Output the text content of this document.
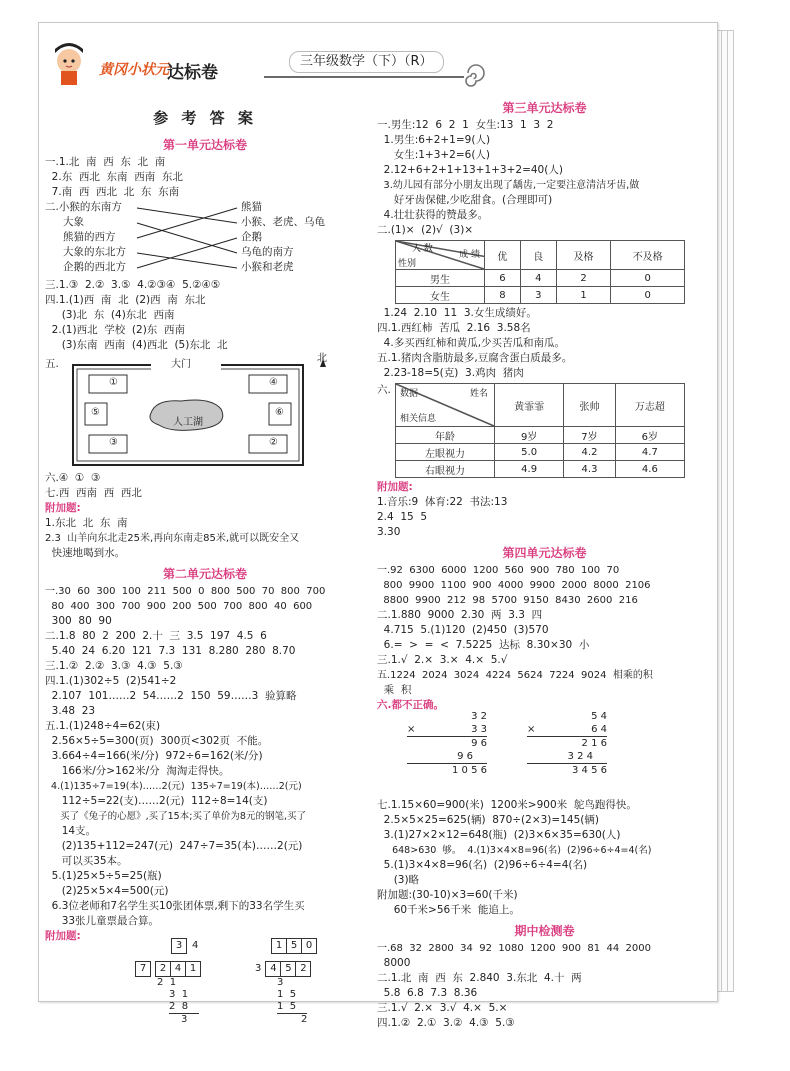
黄冈小状元
达标卷
三年级数学（下）（R）
参 考 答 案
第一单元达标卷
一.1.北  南  西  东  北  南
2.东  西北  东南  西南  东北
7.南  西  西北  北  东  东南
二.小猴的东南方
大象
熊猫的西方
大象的东北方
企鹅的西北方
熊猫
小猴、老虎、乌龟
企鹅
乌龟的南方
小猴和老虎
三.1.③  2.②  3.⑤  4.②③④  5.②④⑤
四.1.(1)西  南  北  (2)西  南  东北
(3)北  东  (4)东北  西南
2.(1)西北  学校  (2)东  西南
(3)东南  西南  (4)西北  (5)东北  北
五.	大门
北
人工湖
①	④
⑤	⑥
③	②
六.④  ①  ③
七.西  西南  西  西北
附加题:
1.东北  北  东  南
2.3  山羊向东北走25米,再向东南走85米,就可以既安全又
快速地喝到水。
第二单元达标卷
一.30  60  300  100  211  500  0  800  500  70  800  700
80  400  300  700  900  200  500  700  800  40  600
300  80  90
二.1.8  80  2  200  2.十  三  3.5  197  4.5  6
5.40  24  6.20  121  7.3  131  8.280  280  8.70
三.1.②  2.②  3.③  4.③  5.③
四.1.(1)302÷5  (2)541÷2
2.107  101……2  54……2  150  59……3  验算略
3.48  23
五.1.(1)248÷4=62(束)
2.56×5÷5=300(页)  300页<302页  不能。
3.664÷4=166(米/分)  972÷6=162(米/分)
166米/分>162米/分  淘淘走得快。
4.(1)135÷7=19(本)……2(元)  135÷7=19(本)……2(元)
112÷5=22(支)……2(元)  112÷8=14(支)
买了《兔子的心愿》,买了15本;买了单价为8元的钢笔,买了
14支。
(2)135+112=247(元)  247÷7=35(本)……2(元)
可以买35本。
5.(1)25×5÷5=25(瓶)
(2)25×5×4=500(元)
6.3位老师和7名学生买10张团体票,剩下的33名学生买
33张儿童票最合算。
附加题:
3 4
7 2 4 1
2  1
3  1
2  8
3
1 5 0
3 4 5 2
3
1  5
1  5
2
第三单元达标卷
一.男生:12  6  2  1  女生:13  1  3  2
1.男生:6+2+1=9(人)
女生:1+3+2=6(人)
2.12+6+2+1+13+1+3+2=40(人)
3.幼儿园有部分小朋友出现了龋齿,一定要注意清洁牙齿,做
好牙齿保健,少吃甜食。(合理即可)
4.壮壮获得的赞最多。
二.(1)×  (2)√  (3)×
人 数
成 绩
性别	优	良	及格	不及格
男生	6	4	2	0
女生	8	3	1	0
1.24  2.10  11  3.女生成绩好。
四.1.西红柿  苦瓜  2.16  3.58名
4.多买西红柿和黄瓜,少买苦瓜和南瓜。
五.1.猪肉含脂肪最多,豆腐含蛋白质最多。
2.23-18=5(克)  3.鸡肉  猪肉
六. 数据 姓名
相关信息	黄霏霏	张帅	万志超
年龄	9岁	7岁	6岁
左眼视力	5.0	4.2	4.7
右眼视力	4.9	4.3	4.6
附加题:
1.音乐:9  体育:22  书法:13
2.4  15  5
3.30
第四单元达标卷
一.92  6300  6000  1200  560  900  780  100  70
800  9900  1100  900  4000  9900  2000  8000  2106
8800  9900  212  98  5700  9150  8430  2600  216
二.1.880  9000  2.30  两  3.3  四
4.715  5.(1)120  (2)450  (3)570
6.=  >  =  <  7.5225  达标  8.30×30  小
三.1.√  2.×  3.×  4.×  5.√
五.1224  2024  3024  4224  5624  7224  9024  相乘的积
乘  积
六.都不正确。
3 2
×	3 3
9 6
9 6
1 0 5 6
5 4
×	6 4
2 1 6
3 2 4
3 4 5 6
七.1.15×60=900(米)  1200米>900米  鸵鸟跑得快。
2.5×5×25=625(辆)  870÷(2×3)=145(辆)
3.(1)27×2×12=648(瓶)  (2)3×6×35=630(人)
648>630  够。  4.(1)3×4×8=96(名)  (2)96÷6÷4=4(名)
5.(1)3×4×8=96(名)  (2)96÷6÷4=4(名)
(3)略
附加题:(30-10)×3=60(千米)
60千米>56千米  能追上。
期中检测卷
一.68  32  2800  34  92  1080  1200  900  81  44  2000
8000
二.1.北  南  西  东  2.840  3.东北  4.十  两
5.8  6.8  7.3  8.36
三.1.√  2.×  3.√  4.×  5.×
四.1.②  2.①  3.②  4.③  5.③
